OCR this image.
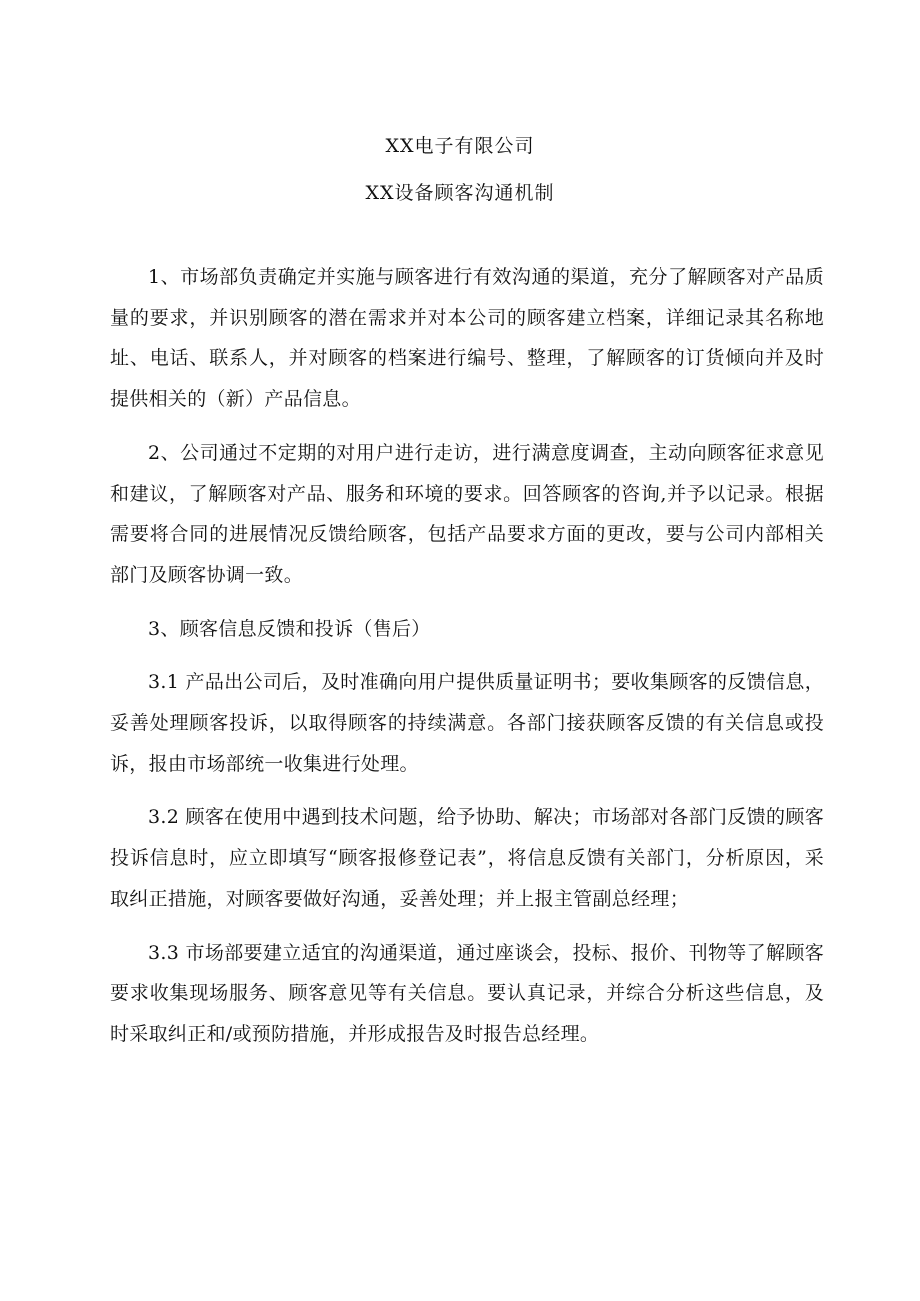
XX电子有限公司
XX设备顾客沟通机制

1、市场部负责确定并实施与顾客进行有效沟通的渠道，充分了解顾客对产品质量的要求，并识别顾客的潜在需求并对本公司的顾客建立档案，详细记录其名称地址、电话、联系人，并对顾客的档案进行编号、整理，了解顾客的订货倾向并及时提供相关的（新）产品信息。

2、公司通过不定期的对用户进行走访，进行满意度调查，主动向顾客征求意见和建议，了解顾客对产品、服务和环境的要求。回答顾客的咨询,并予以记录。根据需要将合同的进展情况反馈给顾客，包括产品要求方面的更改，要与公司内部相关部门及顾客协调一致。

3、顾客信息反馈和投诉（售后）

3.1 产品出公司后，及时准确向用户提供质量证明书；要收集顾客的反馈信息，妥善处理顾客投诉，以取得顾客的持续满意。各部门接获顾客反馈的有关信息或投诉，报由市场部统一收集进行处理。

3.2 顾客在使用中遇到技术问题，给予协助、解决；市场部对各部门反馈的顾客投诉信息时，应立即填写“顾客报修登记表”，将信息反馈有关部门，分析原因，采取纠正措施，对顾客要做好沟通，妥善处理；并上报主管副总经理；

3.3 市场部要建立适宜的沟通渠道，通过座谈会，投标、报价、刊物等了解顾客要求收集现场服务、顾客意见等有关信息。要认真记录，并综合分析这些信息，及时采取纠正和/或预防措施，并形成报告及时报告总经理。
